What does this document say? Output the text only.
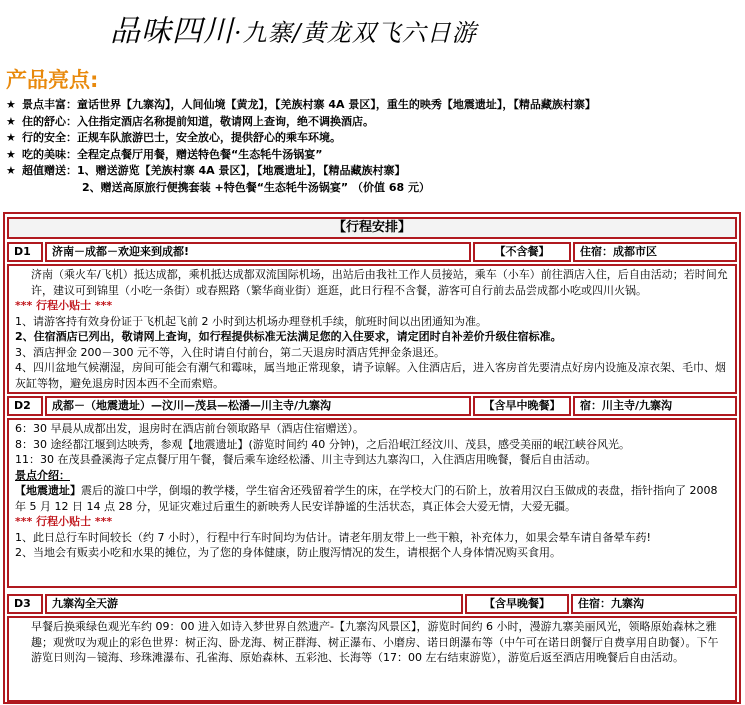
品味四川·九寨/黄龙双飞六日游
产品亮点:
★ 景点丰富：童话世界【九寨沟】，人间仙境【黄龙】，【羌族村寨 4A 景区】，重生的映秀【地震遗址】，【精品藏族村寨】
★ 住的舒心：入住指定酒店名称提前知道，敬请网上查询，绝不调换酒店。
★ 行的安全：正规车队旅游巴士，安全放心，提供舒心的乘车环境。
★ 吃的美味：全程定点餐厅用餐，赠送特色餐“生态牦牛汤锅宴”
★ 超值赠送：1、赠送游览【羌族村寨 4A 景区】，【地震遗址】，【精品藏族村寨】
2、赠送高原旅行便携套装 +特色餐“生态牦牛汤锅宴” （价值 68 元）
【行程安排】
D1	济南－成都－欢迎来到成都!	【不含餐】	住宿：成都市区

济南（乘火车/飞机）抵达成都，乘机抵达成都双流国际机场，出站后由我社工作人员接站，乘车（小车）前往酒店入住，后自由活动；若时间允许，建议可到锦里（小吃一条街）或春熙路（繁华商业街）逛逛，此日行程不含餐，游客可自行前去品尝成都小吃或四川火锅。

*** 行程小贴士 ***

1、请游客持有效身份证于飞机起飞前 2 小时到达机场办理登机手续，航班时间以出团通知为准。

2、住宿酒店已列出，敬请网上查询，如行程提供标准无法满足您的入住要求，请定团时自补差价升级住宿标准。

3、酒店押金 200－300 元不等，入住时请自付前台，第二天退房时酒店凭押金条退还。

4、四川盆地气候潮湿，房间可能会有潮气和霉味，属当地正常现象，请予谅解。入住酒店后，进入客房首先要清点好房内设施及凉衣架、毛巾、烟灰缸等物，避免退房时因本西不全而索赔。

D2	成都－（地震遗址）—汶川—茂县—松潘—川主寺/九寨沟	【含早中晚餐】	宿：川主寺/九寨沟

6：30 早晨从成都出发，退房时在酒店前台领取路早（酒店住宿赠送）。

8：30 途经都江堰到达映秀，参观【地震遗址】(游览时间约 40 分钟)，之后沿岷江经汶川、茂县，感受美丽的岷江峡谷风光。

11：30 在茂县叠溪海子定点餐厅用午餐，餐后乘车途经松潘、川主寺到达九寨沟口，入住酒店用晚餐，餐后自由活动。

景点介绍：

【地震遗址】震后的漩口中学，倒塌的教学楼，学生宿舍还残留着学生的床，在学校大门的石阶上，放着用汉白玉做成的表盘，指针指向了 2008 年 5 月 12 日 14 点 28 分，见证灾难过后重生的新映秀人民安详静谧的生活状态，真正体会大爱无情，大爱无疆。

*** 行程小贴士 ***

1、此日总行车时间较长（约 7 小时），行程中行车时间均为估计。请老年朋友带上一些干粮，补充体力，如果会晕车请自备晕车药!

2、当地会有贩卖小吃和水果的摊位，为了您的身体健康，防止腹泻情况的发生，请根据个人身体情况购买食用。

D3	九寨沟全天游	【含早晚餐】	住宿：九寨沟

早餐后换乘绿色观光车约 09：00 进入如诗入梦世界自然遗产-【九寨沟风景区】，游览时间约 6 小时，漫游九寨美丽风光，领略原始森林之雅趣；观赏叹为观止的彩色世界：树正沟、卧龙海、树正群海、树正瀑布、小磨房、诺日朗瀑布等（中午可在诺日朗餐厅自费享用自助餐）。下午游览日则沟－镜海、珍珠滩瀑布、孔雀海、原始森林、五彩池、长海等（17：00 左右结束游览），游览后返至酒店用晚餐后自由活动。
